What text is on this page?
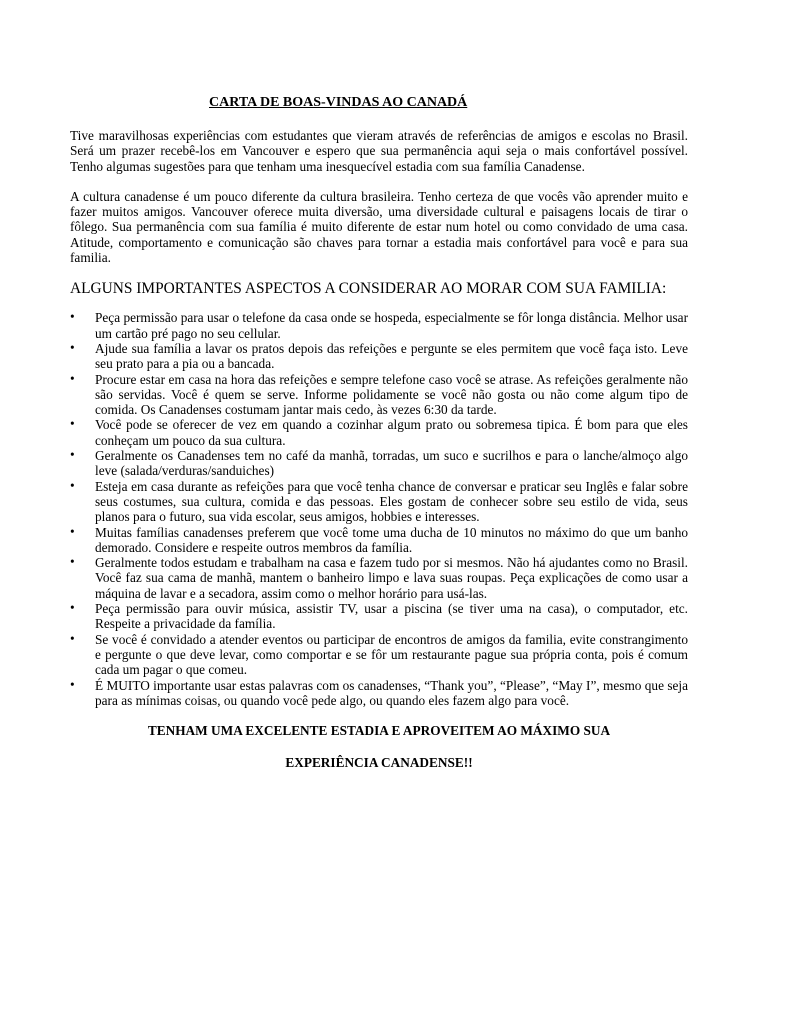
CARTA DE BOAS-VINDAS AO CANADÁ

Tive maravilhosas experiências com estudantes que vieram através de referências de amigos e escolas no Brasil. Será um prazer recebê-los em Vancouver e espero que sua permanência aqui seja o mais confortável possível. Tenho algumas sugestões para que tenham uma inesquecível estadia com sua família Canadense.

A cultura canadense é um pouco diferente da cultura brasileira. Tenho certeza de que vocês vão aprender muito e fazer muitos amigos. Vancouver oferece muita diversão, uma diversidade cultural e paisagens locais de tirar o fôlego. Sua permanência com sua família é muito diferente de estar num hotel ou como convidado de uma casa. Atitude, comportamento e comunicação são chaves para tornar a estadia mais confortável para você e para sua familia.

ALGUNS IMPORTANTES ASPECTOS A CONSIDERAR AO MORAR COM SUA FAMILIA:
• Peça permissão para usar o telefone da casa onde se hospeda, especialmente se fôr longa distância. Melhor usar um cartão pré pago no seu cellular.
• Ajude sua família a lavar os pratos depois das refeições e pergunte se eles permitem que você faça isto. Leve seu prato para a pia ou a bancada.
• Procure estar em casa na hora das refeições e sempre telefone caso você se atrase. As refeições geralmente não são servidas. Você é quem se serve. Informe polidamente se você não gosta ou não come algum tipo de comida. Os Canadenses costumam jantar mais cedo, às vezes 6:30 da tarde.
• Você pode se oferecer de vez em quando a cozinhar algum prato ou sobremesa tipica. É bom para que eles conheçam um pouco da sua cultura.
• Geralmente os Canadenses tem no café da manhã, torradas, um suco e sucrilhos e para o lanche/almoço algo leve (salada/verduras/sanduiches)
• Esteja em casa durante as refeições para que você tenha chance de conversar e praticar seu Inglês e falar sobre seus costumes, sua cultura, comida e das pessoas. Eles gostam de conhecer sobre seu estilo de vida, seus planos para o futuro, sua vida escolar, seus amigos, hobbies e interesses.
• Muitas famílias canadenses preferem que você tome uma ducha de 10 minutos no máximo do que um banho demorado. Considere e respeite outros membros da família.
• Geralmente todos estudam e trabalham na casa e fazem tudo por si mesmos. Não há ajudantes como no Brasil. Você faz sua cama de manhã, mantem o banheiro limpo e lava suas roupas. Peça explicações de como usar a máquina de lavar e a secadora, assim como o melhor horário para usá-las.
• Peça permissão para ouvir música, assistir TV, usar a piscina (se tiver uma na casa), o computador, etc. Respeite a privacidade da família.
• Se você é convidado a atender eventos ou participar de encontros de amigos da familia, evite constrangimento e pergunte o que deve levar, como comportar e se fôr um restaurante pague sua própria conta, pois é comum cada um pagar o que comeu.
• É MUITO importante usar estas palavras com os canadenses, “Thank you”, “Please”, “May I”, mesmo que seja para as mínimas coisas, ou quando você pede algo, ou quando eles fazem algo para você.

TENHAM UMA EXCELENTE ESTADIA E APROVEITEM AO MÁXIMO SUA

EXPERIÊNCIA CANADENSE!!
